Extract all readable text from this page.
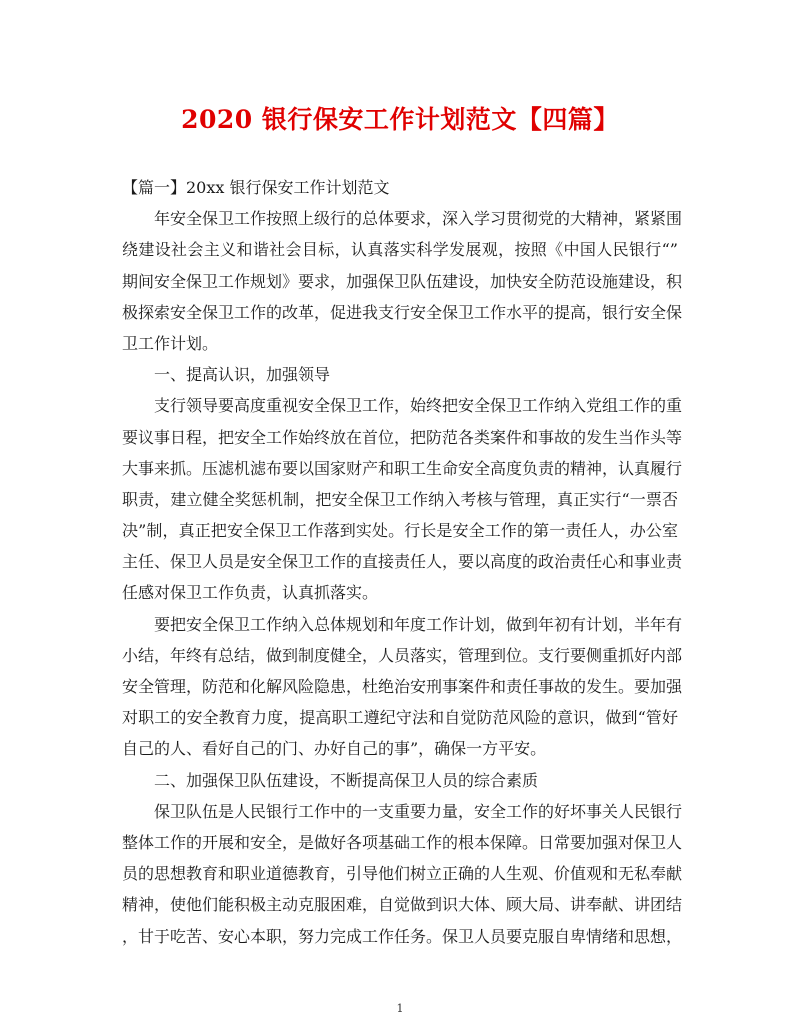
2020 银行保安工作计划范文【四篇】
【篇一】20xx 银行保安工作计划范文
年安全保卫工作按照上级行的总体要求，深入学习贯彻党的大精神，紧紧围
绕建设社会主义和谐社会目标，认真落实科学发展观，按照《中国人民银行“”
期间安全保卫工作规划》要求，加强保卫队伍建设，加快安全防范设施建设，积
极探索安全保卫工作的改革，促进我支行安全保卫工作水平的提高，银行安全保
卫工作计划。
一、提高认识，加强领导
支行领导要高度重视安全保卫工作，始终把安全保卫工作纳入党组工作的重
要议事日程，把安全工作始终放在首位，把防范各类案件和事故的发生当作头等
大事来抓。压滤机滤布要以国家财产和职工生命安全高度负责的精神，认真履行
职责，建立健全奖惩机制，把安全保卫工作纳入考核与管理，真正实行“一票否
决”制，真正把安全保卫工作落到实处。行长是安全工作的第一责任人，办公室
主任、保卫人员是安全保卫工作的直接责任人，要以高度的政治责任心和事业责
任感对保卫工作负责，认真抓落实。
要把安全保卫工作纳入总体规划和年度工作计划，做到年初有计划，半年有
小结，年终有总结，做到制度健全，人员落实，管理到位。支行要侧重抓好内部
安全管理，防范和化解风险隐患，杜绝治安刑事案件和责任事故的发生。要加强
对职工的安全教育力度，提高职工遵纪守法和自觉防范风险的意识，做到“管好
自己的人、看好自己的门、办好自己的事”，确保一方平安。
二、加强保卫队伍建设，不断提高保卫人员的综合素质
保卫队伍是人民银行工作中的一支重要力量，安全工作的好坏事关人民银行
整体工作的开展和安全，是做好各项基础工作的根本保障。日常要加强对保卫人
员的思想教育和职业道德教育，引导他们树立正确的人生观、价值观和无私奉献
精神，使他们能积极主动克服困难，自觉做到识大体、顾大局、讲奉献、讲团结
，甘于吃苦、安心本职，努力完成工作任务。保卫人员要克服自卑情绪和思想，
1
